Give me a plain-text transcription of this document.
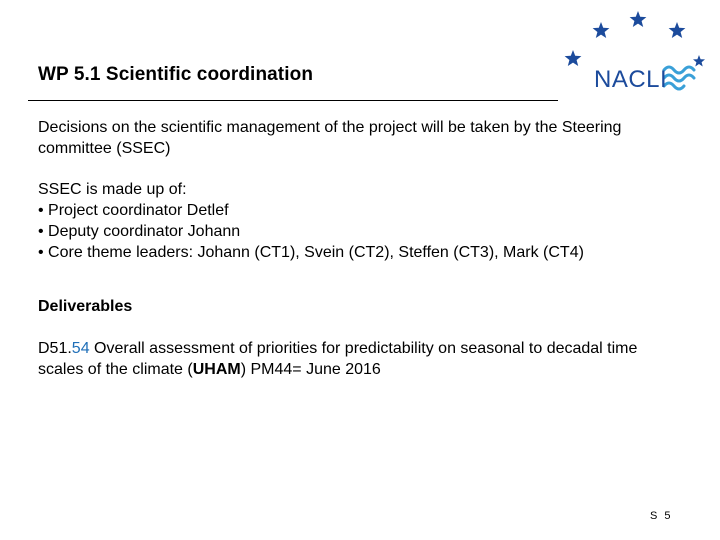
WP 5.1 Scientific coordination	NACLI

Decisions on the scientific management of the project will be taken by the Steering committee (SSEC)

SSEC is made up of:

• Project coordinator Detlef

• Deputy coordinator Johann

• Core theme leaders: Johann (CT1), Svein (CT2), Steffen (CT3), Mark (CT4)

Deliverables

D51.54 Overall assessment of priorities for predictability on seasonal to decadal time scales of the climate (UHAM) PM44= June 2016

S 5
